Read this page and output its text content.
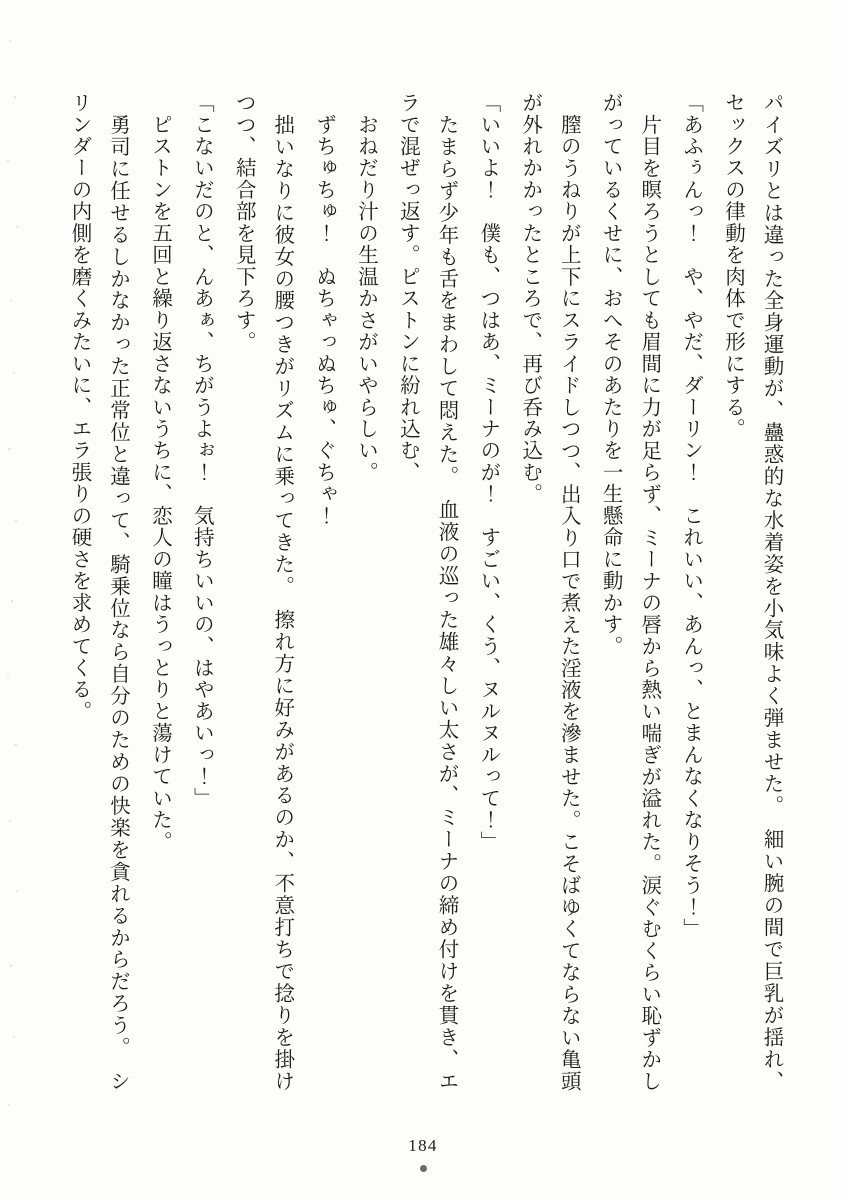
パイズリとは違った全身運動が、蠱惑的な水着姿を小気味よく弾ませた。　細い腕の間で巨乳が揺れ、セックスの律動を肉体で形にする。

「あふぅんっ！　や、やだ、ダーリン！　これいい、あんっ、とまんなくなりそう！」

　片目を瞑ろうとしても眉間に力が足らず、ミーナの唇から熱い喘ぎが溢れた。涙ぐむくらい恥ずかしがっているくせに、おへそのあたりを一生懸命に動かす。

　膣のうねりが上下にスライドしつつ、出入り口で煮えた淫液を滲ませた。こそばゆくてならない亀頭が外れかかったところで、再び呑み込む。

「いいよ！　僕も、つはあ、ミーナのが！　すごい、くう、ヌルヌルって！」

　たまらず少年も舌をまわして悶えた。　血液の巡った雄々しい太さが、ミーナの締め付けを貫き、エラで混ぜっ返す。ピストンに紛れ込む、

　おねだり汁の生温かさがいやらしい。

　ずちゅちゅ！　ぬちゃっぬちゅ、ぐちゃ！

　拙いなりに彼女の腰つきがリズムに乗ってきた。　擦れ方に好みがあるのか、不意打ちで捻りを掛けつつ、結合部を見下ろす。

「こないだのと、んあぁ、ちがうよぉ！　気持ちいいの、はやあいっ！」

　ピストンを五回と繰り返さないうちに、恋人の瞳はうっとりと蕩けていた。

　勇司に任せるしかなかった正常位と違って、騎乗位なら自分のための快楽を貪れるからだろう。　シリンダーの内側を磨くみたいに、エラ張りの硬さを求めてくる。

184
